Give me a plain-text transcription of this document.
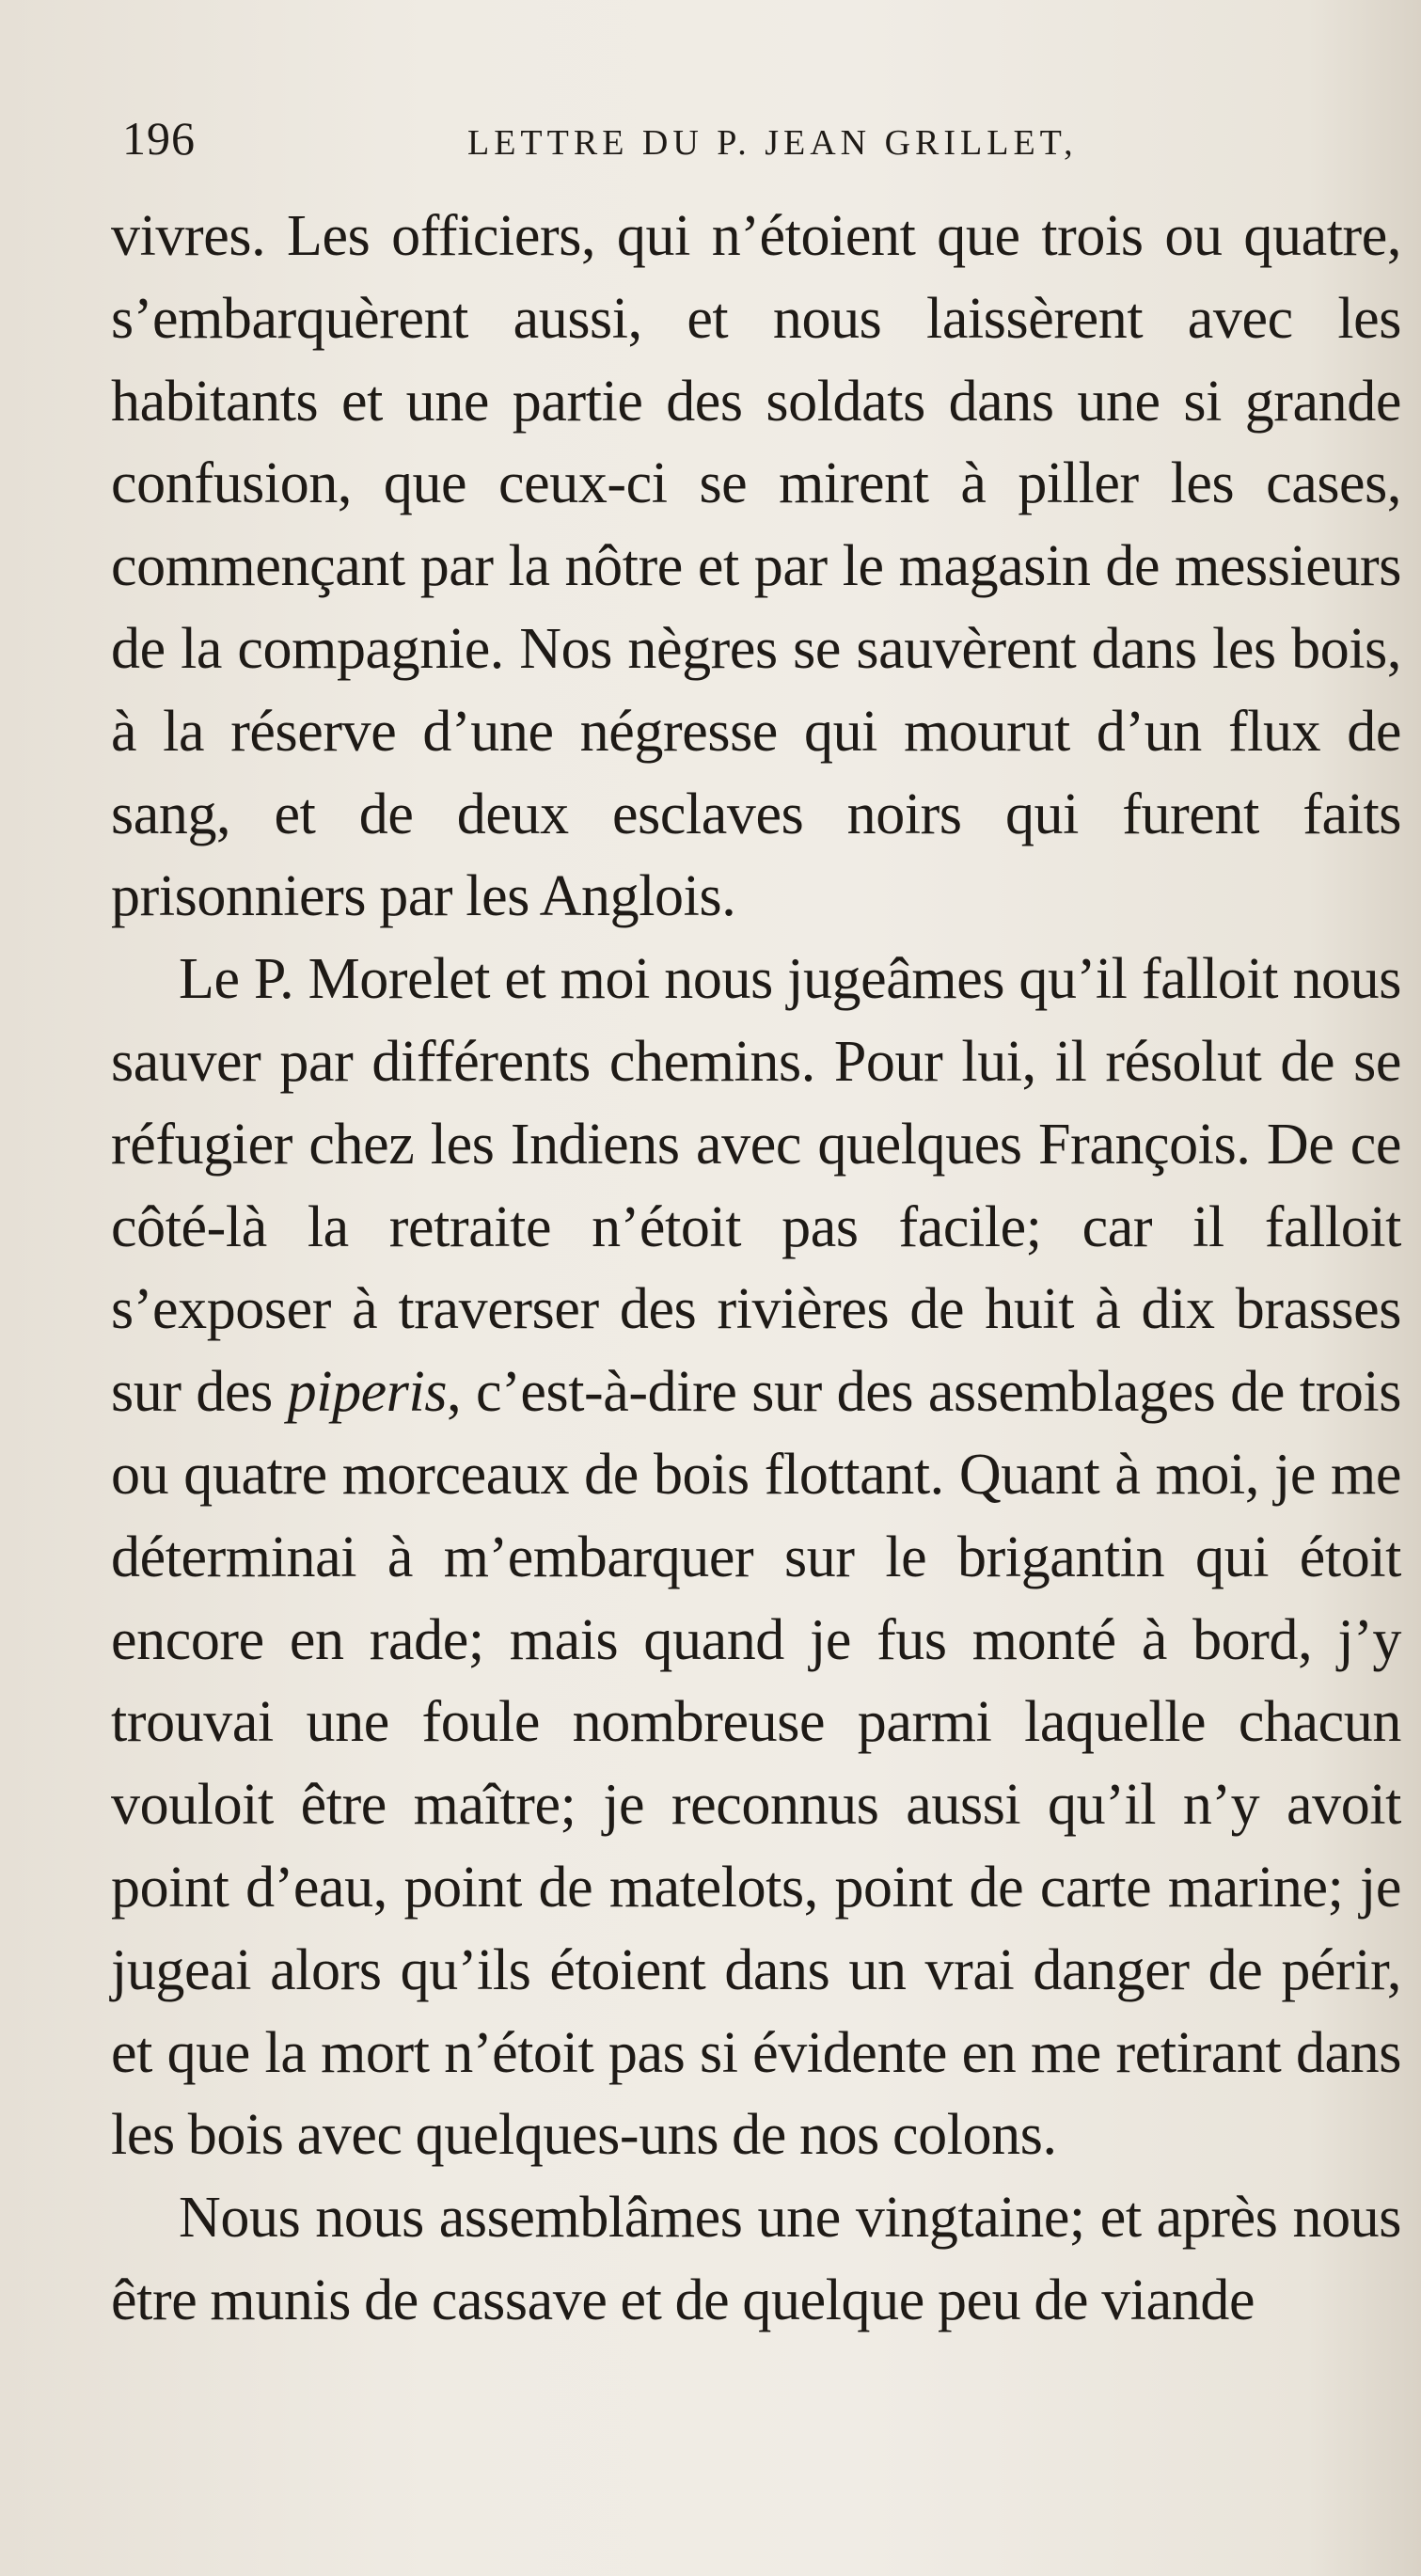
196	LETTRE DU P. JEAN GRILLET,

vivres. Les officiers, qui n’étoient que trois ou quatre, s’embarquèrent aussi, et nous laissèrent avec les habitants et une partie des soldats dans une si grande confusion, que ceux-ci se mirent à piller les cases, commençant par la nôtre et par le magasin de messieurs de la compagnie. Nos nègres se sauvèrent dans les bois, à la réserve d’une négresse qui mourut d’un flux de sang, et de deux esclaves noirs qui furent faits prisonniers par les Anglois.

Le P. Morelet et moi nous jugeâmes qu’il falloit nous sauver par différents chemins. Pour lui, il résolut de se réfugier chez les Indiens avec quelques François. De ce côté-là la retraite n’étoit pas facile; car il falloit s’exposer à traverser des rivières de huit à dix brasses sur des piperis, c’est-à-dire sur des assemblages de trois ou quatre morceaux de bois flottant. Quant à moi, je me déterminai à m’embarquer sur le brigantin qui étoit encore en rade; mais quand je fus monté à bord, j’y trouvai une foule nombreuse parmi laquelle chacun vouloit être maître; je reconnus aussi qu’il n’y avoit point d’eau, point de matelots, point de carte marine; je jugeai alors qu’ils étoient dans un vrai danger de périr, et que la mort n’étoit pas si évidente en me retirant dans les bois avec quelques-uns de nos colons.

Nous nous assemblâmes une vingtaine; et après nous être munis de cassave et de quelque peu de viande
